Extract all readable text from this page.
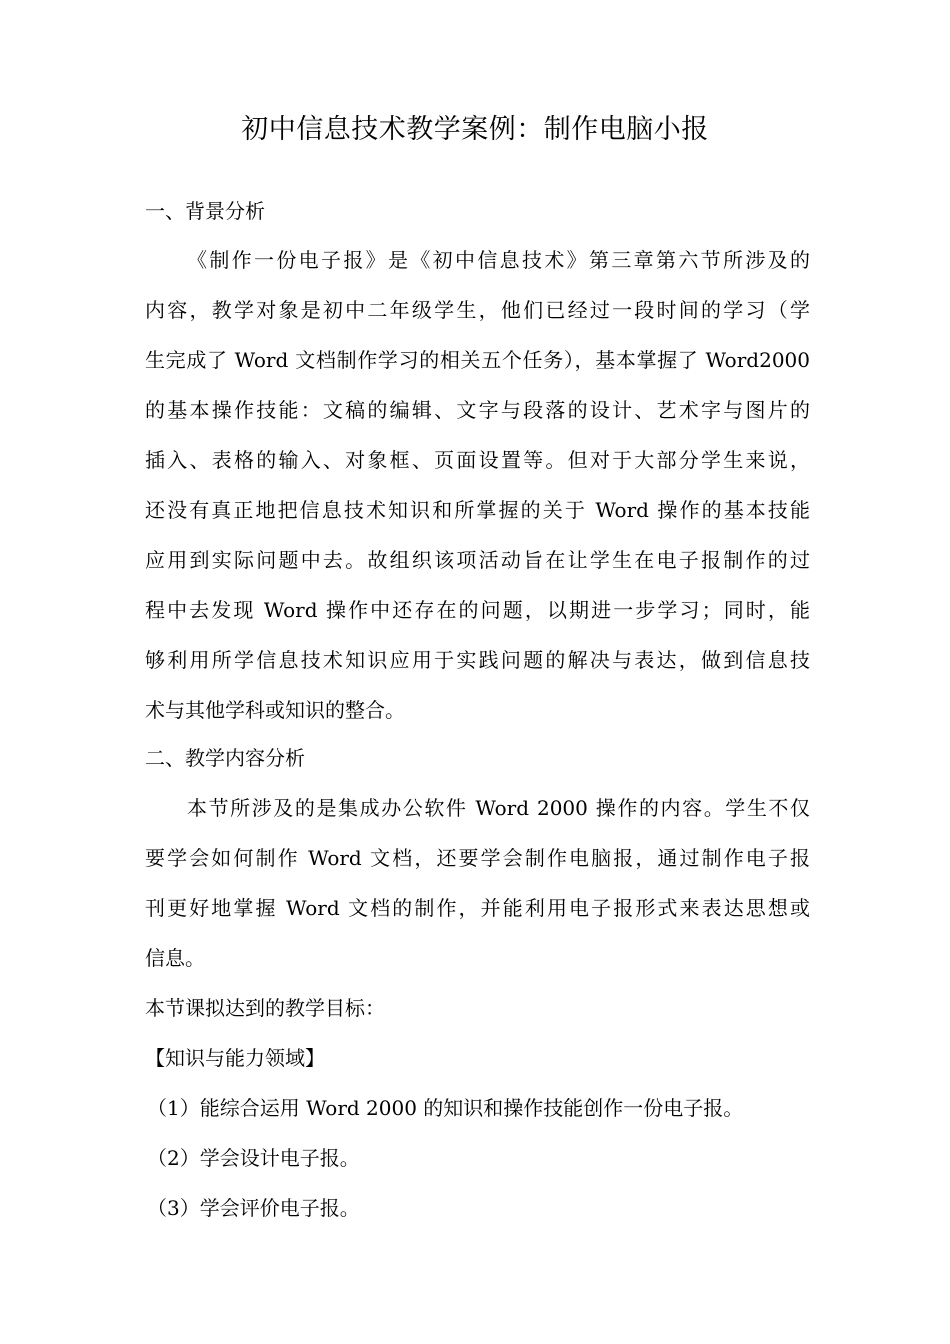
初中信息技术教学案例：制作电脑小报
一、背景分析
《制作一份电子报》是《初中信息技术》第三章第六节所涉及的
内容，教学对象是初中二年级学生，他们已经过一段时间的学习（学
生完成了 Word 文档制作学习的相关五个任务），基本掌握了 Word2000
的基本操作技能：文稿的编辑、文字与段落的设计、艺术字与图片的
插入、表格的输入、对象框、页面设置等。但对于大部分学生来说，
还没有真正地把信息技术知识和所掌握的关于 Word 操作的基本技能
应用到实际问题中去。故组织该项活动旨在让学生在电子报制作的过
程中去发现 Word 操作中还存在的问题，以期进一步学习；同时，能
够利用所学信息技术知识应用于实践问题的解决与表达，做到信息技
术与其他学科或知识的整合。
二、教学内容分析
本节所涉及的是集成办公软件 Word 2000 操作的内容。学生不仅
要学会如何制作 Word 文档，还要学会制作电脑报，通过制作电子报
刊更好地掌握 Word 文档的制作，并能利用电子报形式来表达思想或
信息。
本节课拟达到的教学目标：
【知识与能力领域】
（1）能综合运用 Word 2000 的知识和操作技能创作一份电子报。
（2）学会设计电子报。
（3）学会评价电子报。
